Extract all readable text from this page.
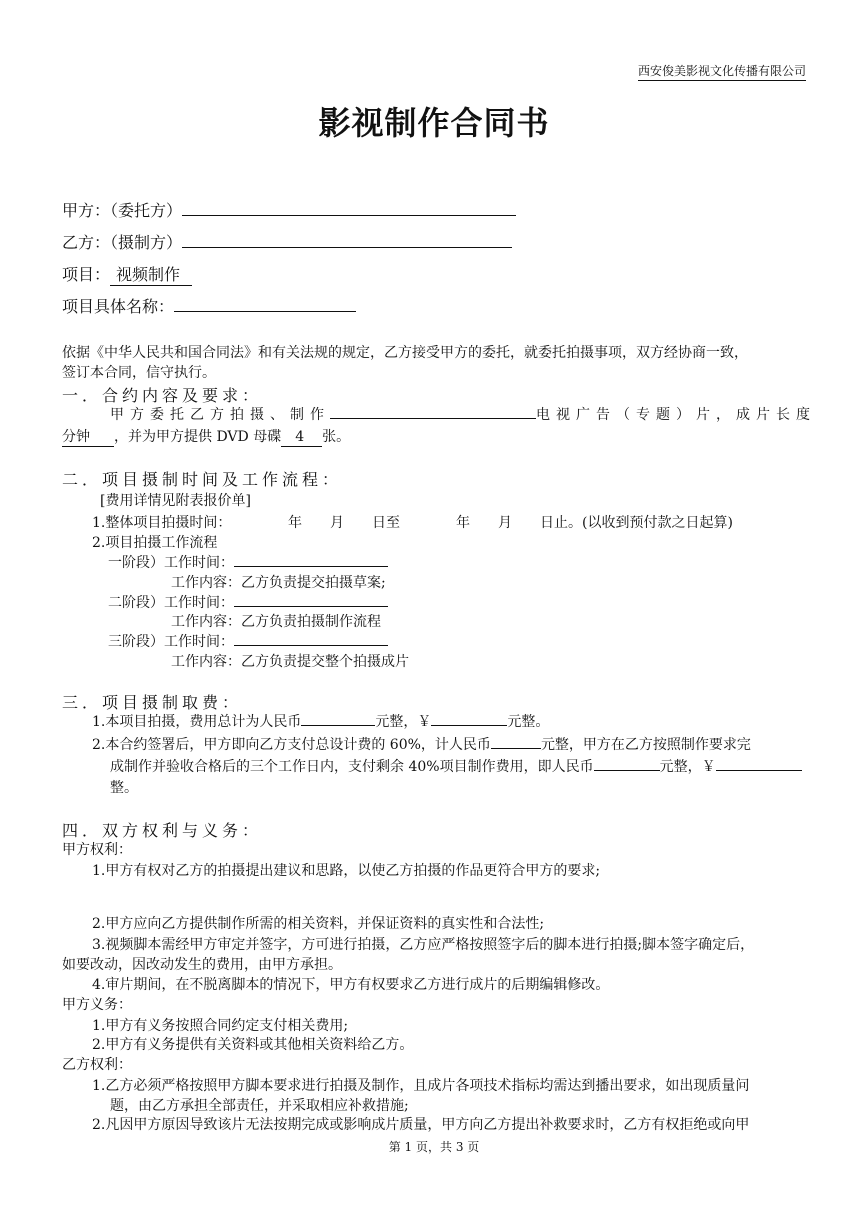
西安俊美影视文化传播有限公司
影视制作合同书
甲方：（委托方）
乙方：（摄制方）
项目： 视频制作
项目具体名称：
依据《中华人民共和国合同法》和有关法规的规定，乙方接受甲方的委托，就委托拍摄事项，双方经协商一致，
签订本合同，信守执行。
一．合约内容及要求：
甲方委托乙方拍摄、制作	电视广告（专题）片，成片长度
分钟 ，并为甲方提供 DVD 母碟 4 张。
二．项目摄制时间及工作流程：
[费用详情见附表报价单]
1.整体项目拍摄时间：	年　　月　　日至	年　　月　　日止。(以收到预付款之日起算)
2.项目拍摄工作流程
一阶段）工作时间：
工作内容：乙方负责提交拍摄草案;
二阶段）工作时间：
工作内容：乙方负责拍摄制作流程
三阶段）工作时间：
工作内容：乙方负责提交整个拍摄成片
三．项目摄制取费：
1.本项目拍摄，费用总计为人民币	元整，￥	元整。
2.本合约签署后，甲方即向乙方支付总设计费的 60%，计人民币	元整，甲方在乙方按照制作要求完
成制作并验收合格后的三个工作日内，支付剩余 40%项目制作费用，即人民币	元整，￥
整。
四．双方权利与义务：
甲方权利：
1.甲方有权对乙方的拍摄提出建议和思路，以使乙方拍摄的作品更符合甲方的要求;
2.甲方应向乙方提供制作所需的相关资料，并保证资料的真实性和合法性;
3.视频脚本需经甲方审定并签字，方可进行拍摄，乙方应严格按照签字后的脚本进行拍摄;脚本签字确定后，
如要改动，因改动发生的费用，由甲方承担。
4.审片期间，在不脱离脚本的情况下，甲方有权要求乙方进行成片的后期编辑修改。
甲方义务：
1.甲方有义务按照合同约定支付相关费用;
2.甲方有义务提供有关资料或其他相关资料给乙方。
乙方权利：
1.乙方必须严格按照甲方脚本要求进行拍摄及制作，且成片各项技术指标均需达到播出要求，如出现质量问
题，由乙方承担全部责任，并采取相应补救措施;
2.凡因甲方原因导致该片无法按期完成或影响成片质量，甲方向乙方提出补救要求时，乙方有权拒绝或向甲
第 1 页，共 3 页
